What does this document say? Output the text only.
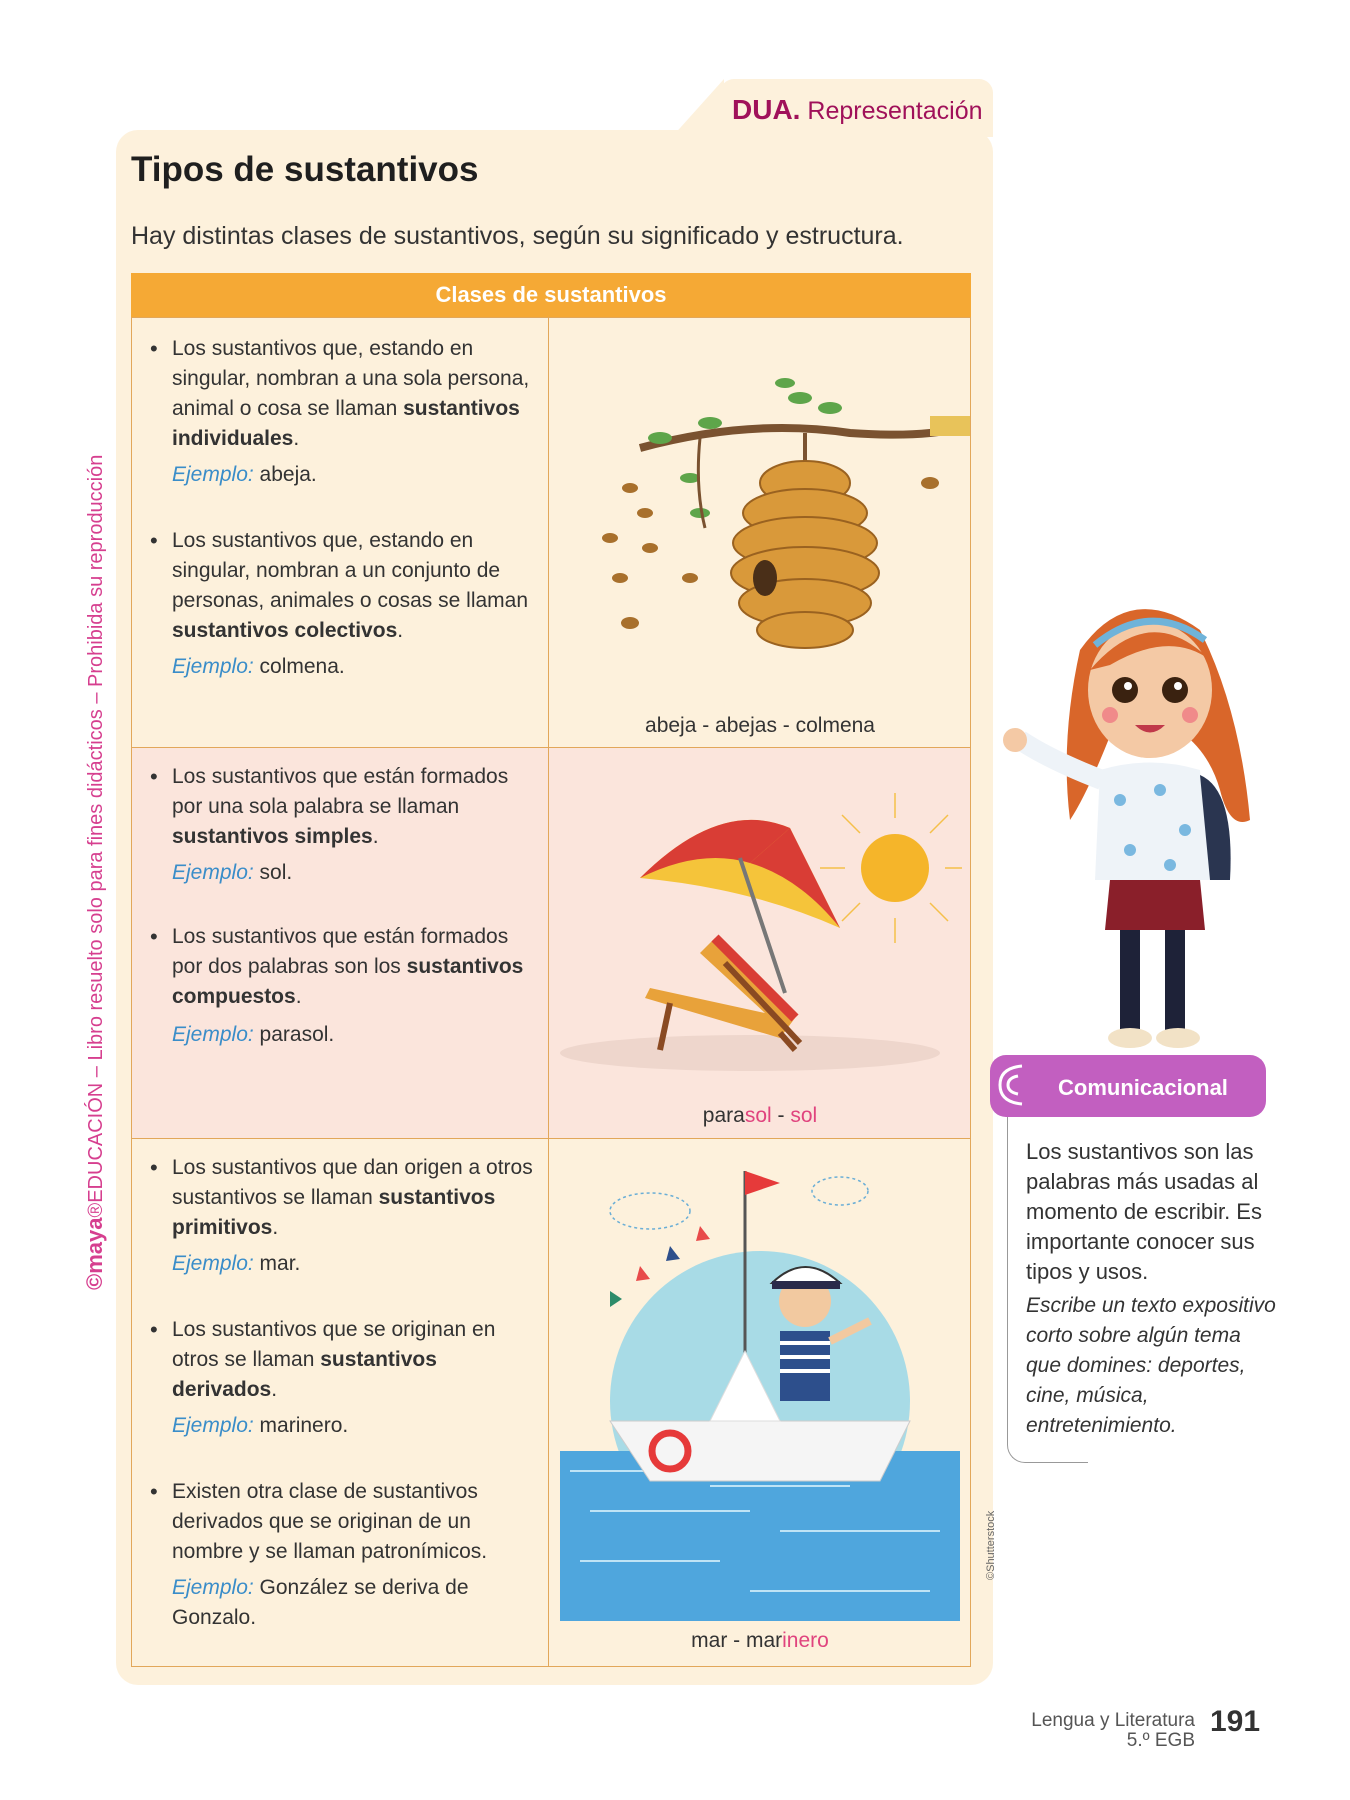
DUA. Representación
Tipos de sustantivos

Hay distintas clases de sustantivos, según su significado y estructura.

Clases de sustantivos
• Los sustantivos que, estando en singular, nombran a una sola persona, animal o cosa se llaman sustantivos individuales.
Ejemplo: abeja.
• Los sustantivos que, estando en singular, nombran a un conjunto de personas, animales o cosas se llaman sustantivos colectivos.
Ejemplo: colmena.
abeja - abejas - colmena
• Los sustantivos que están formados por una sola palabra se llaman sustantivos simples.
Ejemplo: sol.
• Los sustantivos que están formados por dos palabras son los sustantivos compuestos.
Ejemplo: parasol.
parasol - sol
• Los sustantivos que dan origen a otros sustantivos se llaman sustantivos primitivos.
Ejemplo: mar.
• Los sustantivos que se originan en otros se llaman sustantivos derivados.
Ejemplo: marinero.
• Existen otra clase de sustantivos derivados que se originan de un nombre y se llaman patronímicos.
Ejemplo: González se deriva de Gonzalo.
mar - marinero
©Shutterstock
Comunicacional
Los sustantivos son las palabras más usadas al momento de escribir. Es importante conocer sus tipos y usos.
Escribe un texto expositivo corto sobre algún tema que domines: deportes, cine, música, entretenimiento.
©maya®EDUCACIÓN – Libro resuelto solo para fines didácticos – Prohibida su reproducción
Lengua y Literatura
5.º EGB
191
